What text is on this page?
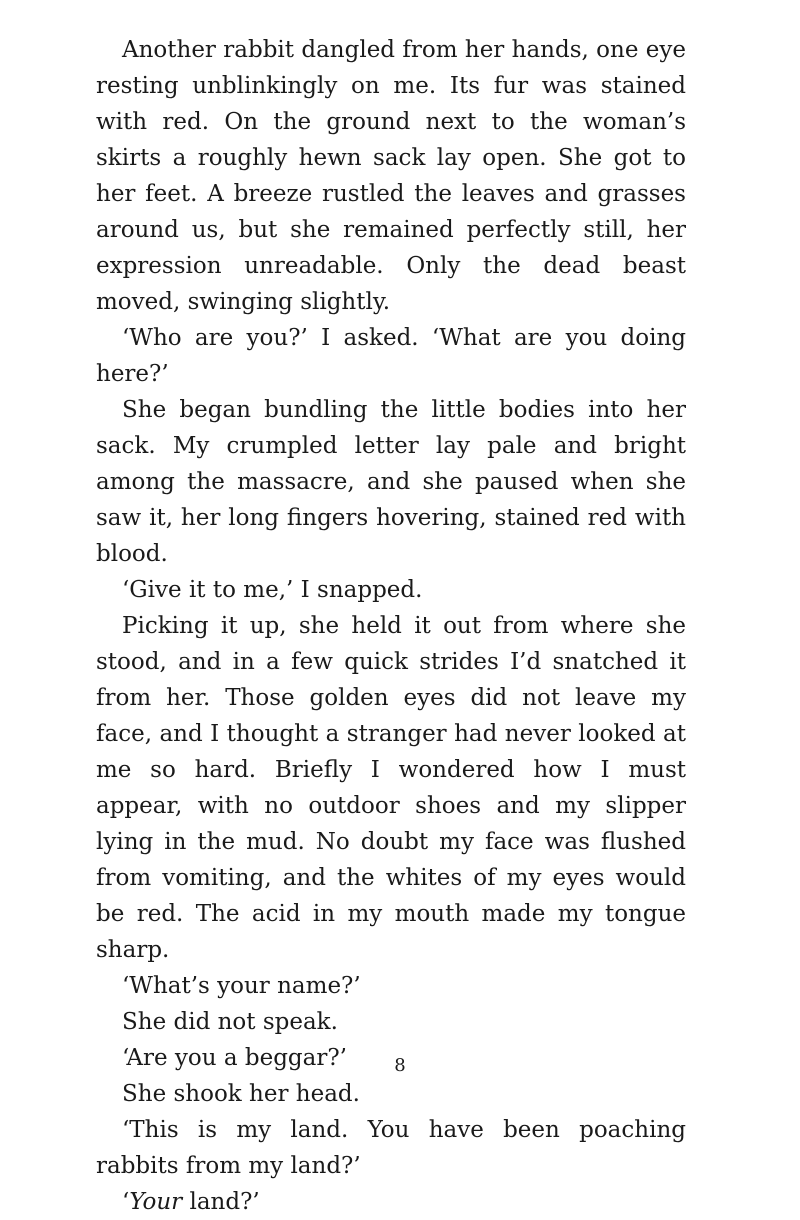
Another rabbit dangled from her hands, one eye resting unblinkingly on me. Its fur was stained with red. On the ground next to the woman’s skirts a roughly hewn sack lay open. She got to her feet. A breeze rustled the leaves and grasses around us, but she remained perfectly still, her expression unreadable. Only the dead beast moved, swinging slightly.

‘Who are you?’ I asked. ‘What are you doing here?’

She began bundling the little bodies into her sack. My crumpled letter lay pale and bright among the massacre, and she paused when she saw it, her long fingers hovering, stained red with blood.

‘Give it to me,’ I snapped.

Picking it up, she held it out from where she stood, and in a few quick strides I’d snatched it from her. Those golden eyes did not leave my face, and I thought a stranger had never looked at me so hard. Briefly I wondered how I must appear, with no outdoor shoes and my slipper lying in the mud. No doubt my face was flushed from vomiting, and the whites of my eyes would be red. The acid in my mouth made my tongue sharp.

‘What’s your name?’

She did not speak.

‘Are you a beggar?’

She shook her head.

‘This is my land. You have been poaching rabbits from my land?’

‘Your land?’

8
